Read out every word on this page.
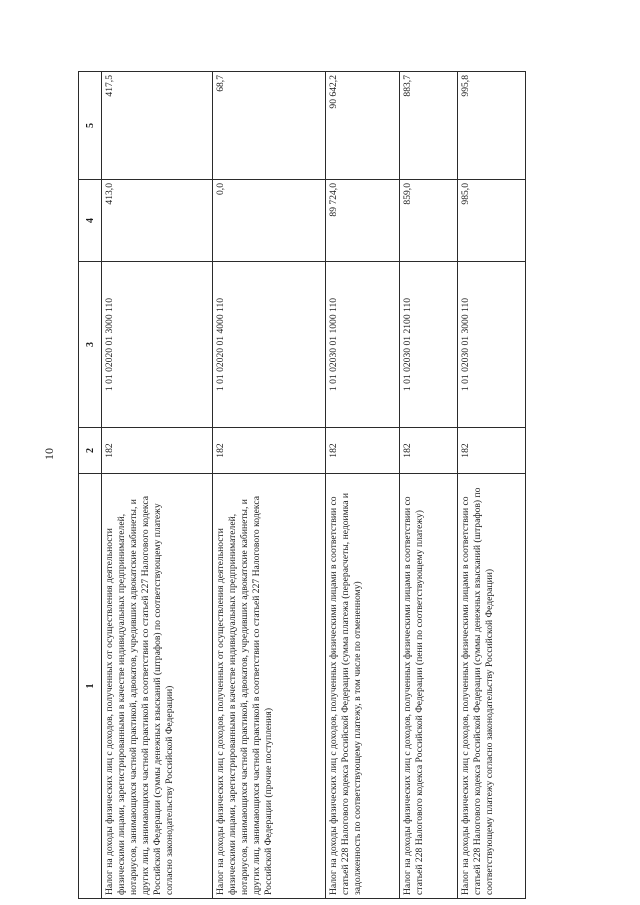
10
1	2	3	4	5
Налог на доходы физических лиц с доходов, полученных от осуществления деятельности физическими лицами, зарегистрированными в качестве индивидуальных предпринимателей, нотариусов, занимающихся частной практикой, адвокатов, учредивших адвокатские кабинеты, и других лиц, занимающихся частной практикой в соответствии со статьей 227 Налогового кодекса Российской Федерации (суммы денежных взысканий (штрафов) по соответствующему платежу согласно законодательству Российской Федерации)	182	1 01 02020 01 3000 110	413,0	417,5
Налог на доходы физических лиц с доходов, полученных от осуществления деятельности физическими лицами, зарегистрированными в качестве индивидуальных предпринимателей, нотариусов, занимающихся частной практикой, адвокатов, учредивших адвокатские кабинеты, и других лиц, занимающихся частной практикой в соответствии со статьей 227 Налогового кодекса Российской Федерации (прочие поступления)	182	1 01 02020 01 4000 110	0,0	68,7
Налог на доходы физических лиц с доходов, полученных физическими лицами в соответствии со статьей 228 Налогового кодекса Российской Федерации (сумма платежа (перерасчеты, недоимка и задолженность по соответствующему платежу, в том числе по отмененному)	182	1 01 02030 01 1000 110	89 724,0	90 642,2
Налог на доходы физических лиц с доходов, полученных физическими лицами в соответствии со статьей 228 Налогового кодекса Российской Федерации (пени по соответствующему платежу)	182	1 01 02030 01 2100 110	859,0	883,7
Налог на доходы физических лиц с доходов, полученных физическими лицами в соответствии со статьей 228 Налогового кодекса Российской Федерации (суммы денежных взысканий (штрафов) по соответствующему платежу согласно законодательству Российской Федерации)	182	1 01 02030 01 3000 110	985,0	995,8
